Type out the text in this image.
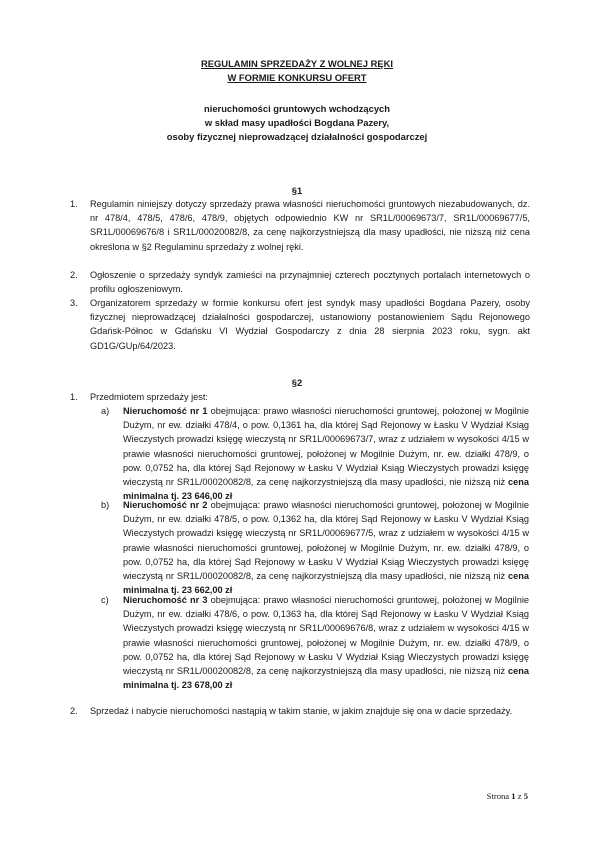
REGULAMIN SPRZEDAŻY Z WOLNEJ RĘKI
W FORMIE KONKURSU OFERT
nieruchomości gruntowych wchodzących
w skład masy upadłości Bogdana Pazery,
osoby fizycznej nieprowadzącej działalności gospodarczej
§1
1. Regulamin niniejszy dotyczy sprzedaży prawa własności nieruchomości gruntowych niezabudowanych, dz. nr 478/4, 478/5, 478/6, 478/9, objętych odpowiednio KW nr SR1L/00069673/7, SR1L/00069677/5, SR1L/00069676/8 i SR1L/00020082/8, za cenę najkorzystniejszą dla masy upadłości, nie niższą niż cena określona w §2 Regulaminu sprzedaży z wolnej ręki.
2. Ogłoszenie o sprzedaży syndyk zamieści na przynajmniej czterech pocztynych portalach internetowych o profilu ogłoszeniowym.
3. Organizatorem sprzedaży w formie konkursu ofert jest syndyk masy upadłości Bogdana Pazery, osoby fizycznej nieprowadzącej działalności gospodarczej, ustanowiony postanowieniem Sądu Rejonowego Gdańsk-Północ w Gdańsku VI Wydział Gospodarczy z dnia 28 sierpnia 2023 roku, sygn. akt GD1G/GUp/64/2023.
§2
1. Przedmiotem sprzedaży jest:
a) Nieruchomość nr 1 obejmująca: prawo własności nieruchomości gruntowej, położonej w Mogilnie Dużym, nr ew. działki 478/4, o pow. 0,1361 ha, dla której Sąd Rejonowy w Łasku V Wydział Ksiąg Wieczystych prowadzi księgę wieczystą nr SR1L/00069673/7, wraz z udziałem w wysokości 4/15 w prawie własności nieruchomości gruntowej, położonej w Mogilnie Dużym, nr. ew. działki 478/9, o pow. 0,0752 ha, dla której Sąd Rejonowy w Łasku V Wydział Ksiąg Wieczystych prowadzi księgę wieczystą nr SR1L/00020082/8, za cenę najkorzystniejszą dla masy upadłości, nie niższą niż cena minimalna tj. 23 646,00 zł
b) Nieruchomość nr 2 obejmująca: prawo własności nieruchomości gruntowej, położonej w Mogilnie Dużym, nr ew. działki 478/5, o pow. 0,1362 ha, dla której Sąd Rejonowy w Łasku V Wydział Ksiąg Wieczystych prowadzi księgę wieczystą nr SR1L/00069677/5, wraz z udziałem w wysokości 4/15 w prawie własności nieruchomości gruntowej, położonej w Mogilnie Dużym, nr. ew. działki 478/9, o pow. 0,0752 ha, dla której Sąd Rejonowy w Łasku V Wydział Ksiąg Wieczystych prowadzi księgę wieczystą nr SR1L/00020082/8, za cenę najkorzystniejszą dla masy upadłości, nie niższą niż cena minimalna tj. 23 662,00 zł
c) Nieruchomość nr 3 obejmująca: prawo własności nieruchomości gruntowej, położonej w Mogilnie Dużym, nr ew. działki 478/6, o pow. 0,1363 ha, dla której Sąd Rejonowy w Łasku V Wydział Ksiąg Wieczystych prowadzi księgę wieczystą nr SR1L/00069676/8, wraz z udziałem w wysokości 4/15 w prawie własności nieruchomości gruntowej, położonej w Mogilnie Dużym, nr. ew. działki 478/9, o pow. 0,0752 ha, dla której Sąd Rejonowy w Łasku V Wydział Ksiąg Wieczystych prowadzi księgę wieczystą nr SR1L/00020082/8, za cenę najkorzystniejszą dla masy upadłości, nie niższą niż cena minimalna tj. 23 678,00 zł
2. Sprzedaż i nabycie nieruchomości nastąpią w takim stanie, w jakim znajduje się ona w dacie sprzedaży.
Strona 1 z 5
